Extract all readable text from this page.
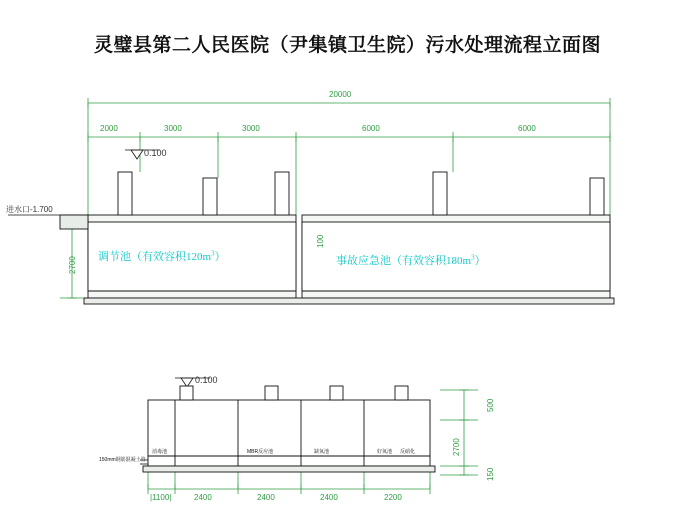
灵璧县第二人民医院（尹集镇卫生院）污水处理流程立面图
20000
2000	3000	3000	6000	6000
0.100
进水口-1.700
2700
100
调节池（有效容积$120m^3$）	事故应急池（有效容积$180m^3$）
0.100
150mm钢筋混凝土管
消毒池	MBR反应池	缺氧池	好氧池 反硝化
|1100|	2400	2400	2400	2200
500
2700
150
